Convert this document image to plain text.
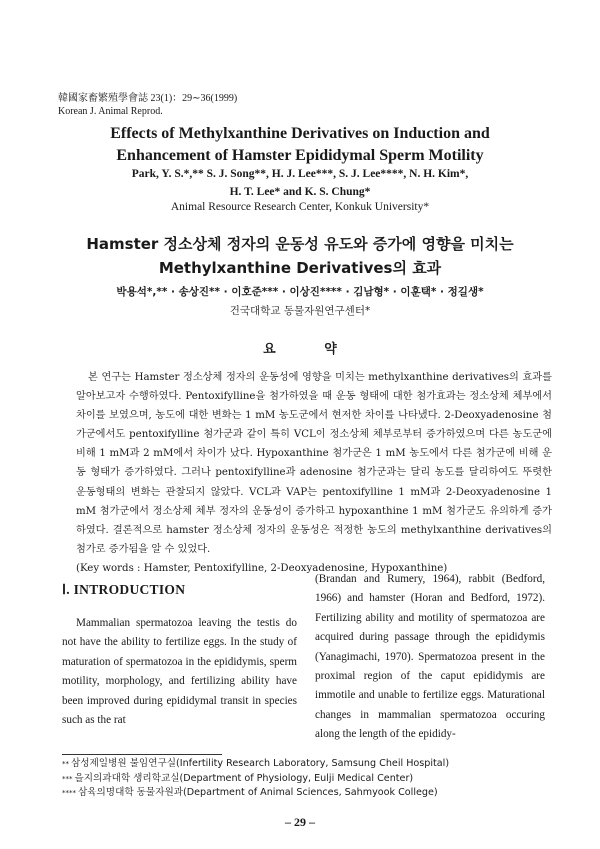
韓國家畜繁殖學會誌 23(1)：29∼36(1999)
Korean J. Animal Reprod.
Effects of Methylxanthine Derivatives on Induction and
Enhancement of Hamster Epididymal Sperm Motility
Park, Y. S.*,** S. J. Song**, H. J. Lee***, S. J. Lee****, N. H. Kim*,
H. T. Lee* and K. S. Chung*
Animal Resource Research Center, Konkuk University*
Hamster 정소상체 정자의 운동성 유도와 증가에 영향을 미치는
Methylxanthine Derivatives의 효과
박용석*,** · 송상진** · 이호준*** · 이상진**** · 김남형* · 이훈택* · 정길생*
건국대학교 동물자원연구센터*
요 약

본 연구는 Hamster 정소상체 정자의 운동성에 영향을 미치는 methylxanthine derivatives의 효과를 알아보고자 수행하였다. Pentoxifylline을 첨가하였을 때 운동 형태에 대한 첨가효과는 정소상체 체부에서 차이를 보였으며, 농도에 대한 변화는 1 mM 농도군에서 현저한 차이를 나타냈다. 2-Deoxyadenosine 첨가군에서도 pentoxifylline 첨가군과 같이 특히 VCL이 정소상체 체부로부터 증가하였으며 다른 농도군에 비해 1 mM과 2 mM에서 차이가 났다. Hypoxanthine 첨가군은 1 mM 농도에서 다른 첨가군에 비해 운동 형태가 증가하였다. 그러나 pentoxifylline과 adenosine 첨가군과는 달리 농도를 달리하여도 뚜렷한 운동형태의 변화는 관찰되지 않았다. VCL과 VAP는 pentoxifylline 1 mM과 2-Deoxyadenosine 1 mM 첨가군에서 정소상체 체부 정자의 운동성이 증가하고 hypoxanthine 1 mM 첨가군도 유의하게 증가하였다. 결론적으로 hamster 정소상체 정자의 운동성은 적정한 농도의 methylxanthine derivatives의 첨가로 증가됨을 알 수 있었다.

(Key words : Hamster, Pentoxifylline, 2-Deoxyadenosine, Hypoxanthine)

Ⅰ. INTRODUCTION

Mammalian spermatozoa leaving the testis do not have the ability to fertilize eggs. In the study of maturation of spermatozoa in the epididymis, sperm motility, morphology, and fertilizing ability have been improved during epididymal transit in species such as the rat

(Brandan and Rumery, 1964), rabbit (Bedford, 1966) and hamster (Horan and Bedford, 1972). Fertilizing ability and motility of spermatozoa are acquired during passage through the epididymis (Yanagimachi, 1970). Spermatozoa present in the proximal region of the caput epididymis are immotile and unable to fertilize eggs. Maturational changes in mammalian spermatozoa occuring along the length of the epididy-

** 삼성제일병원 불임연구실(Infertility Research Laboratory, Samsung Cheil Hospital)
*** 을지의과대학 생리학교실(Department of Physiology, Eulji Medical Center)
**** 삼육의명대학 동물자원과(Department of Animal Sciences, Sahmyook College)
– 29 –
